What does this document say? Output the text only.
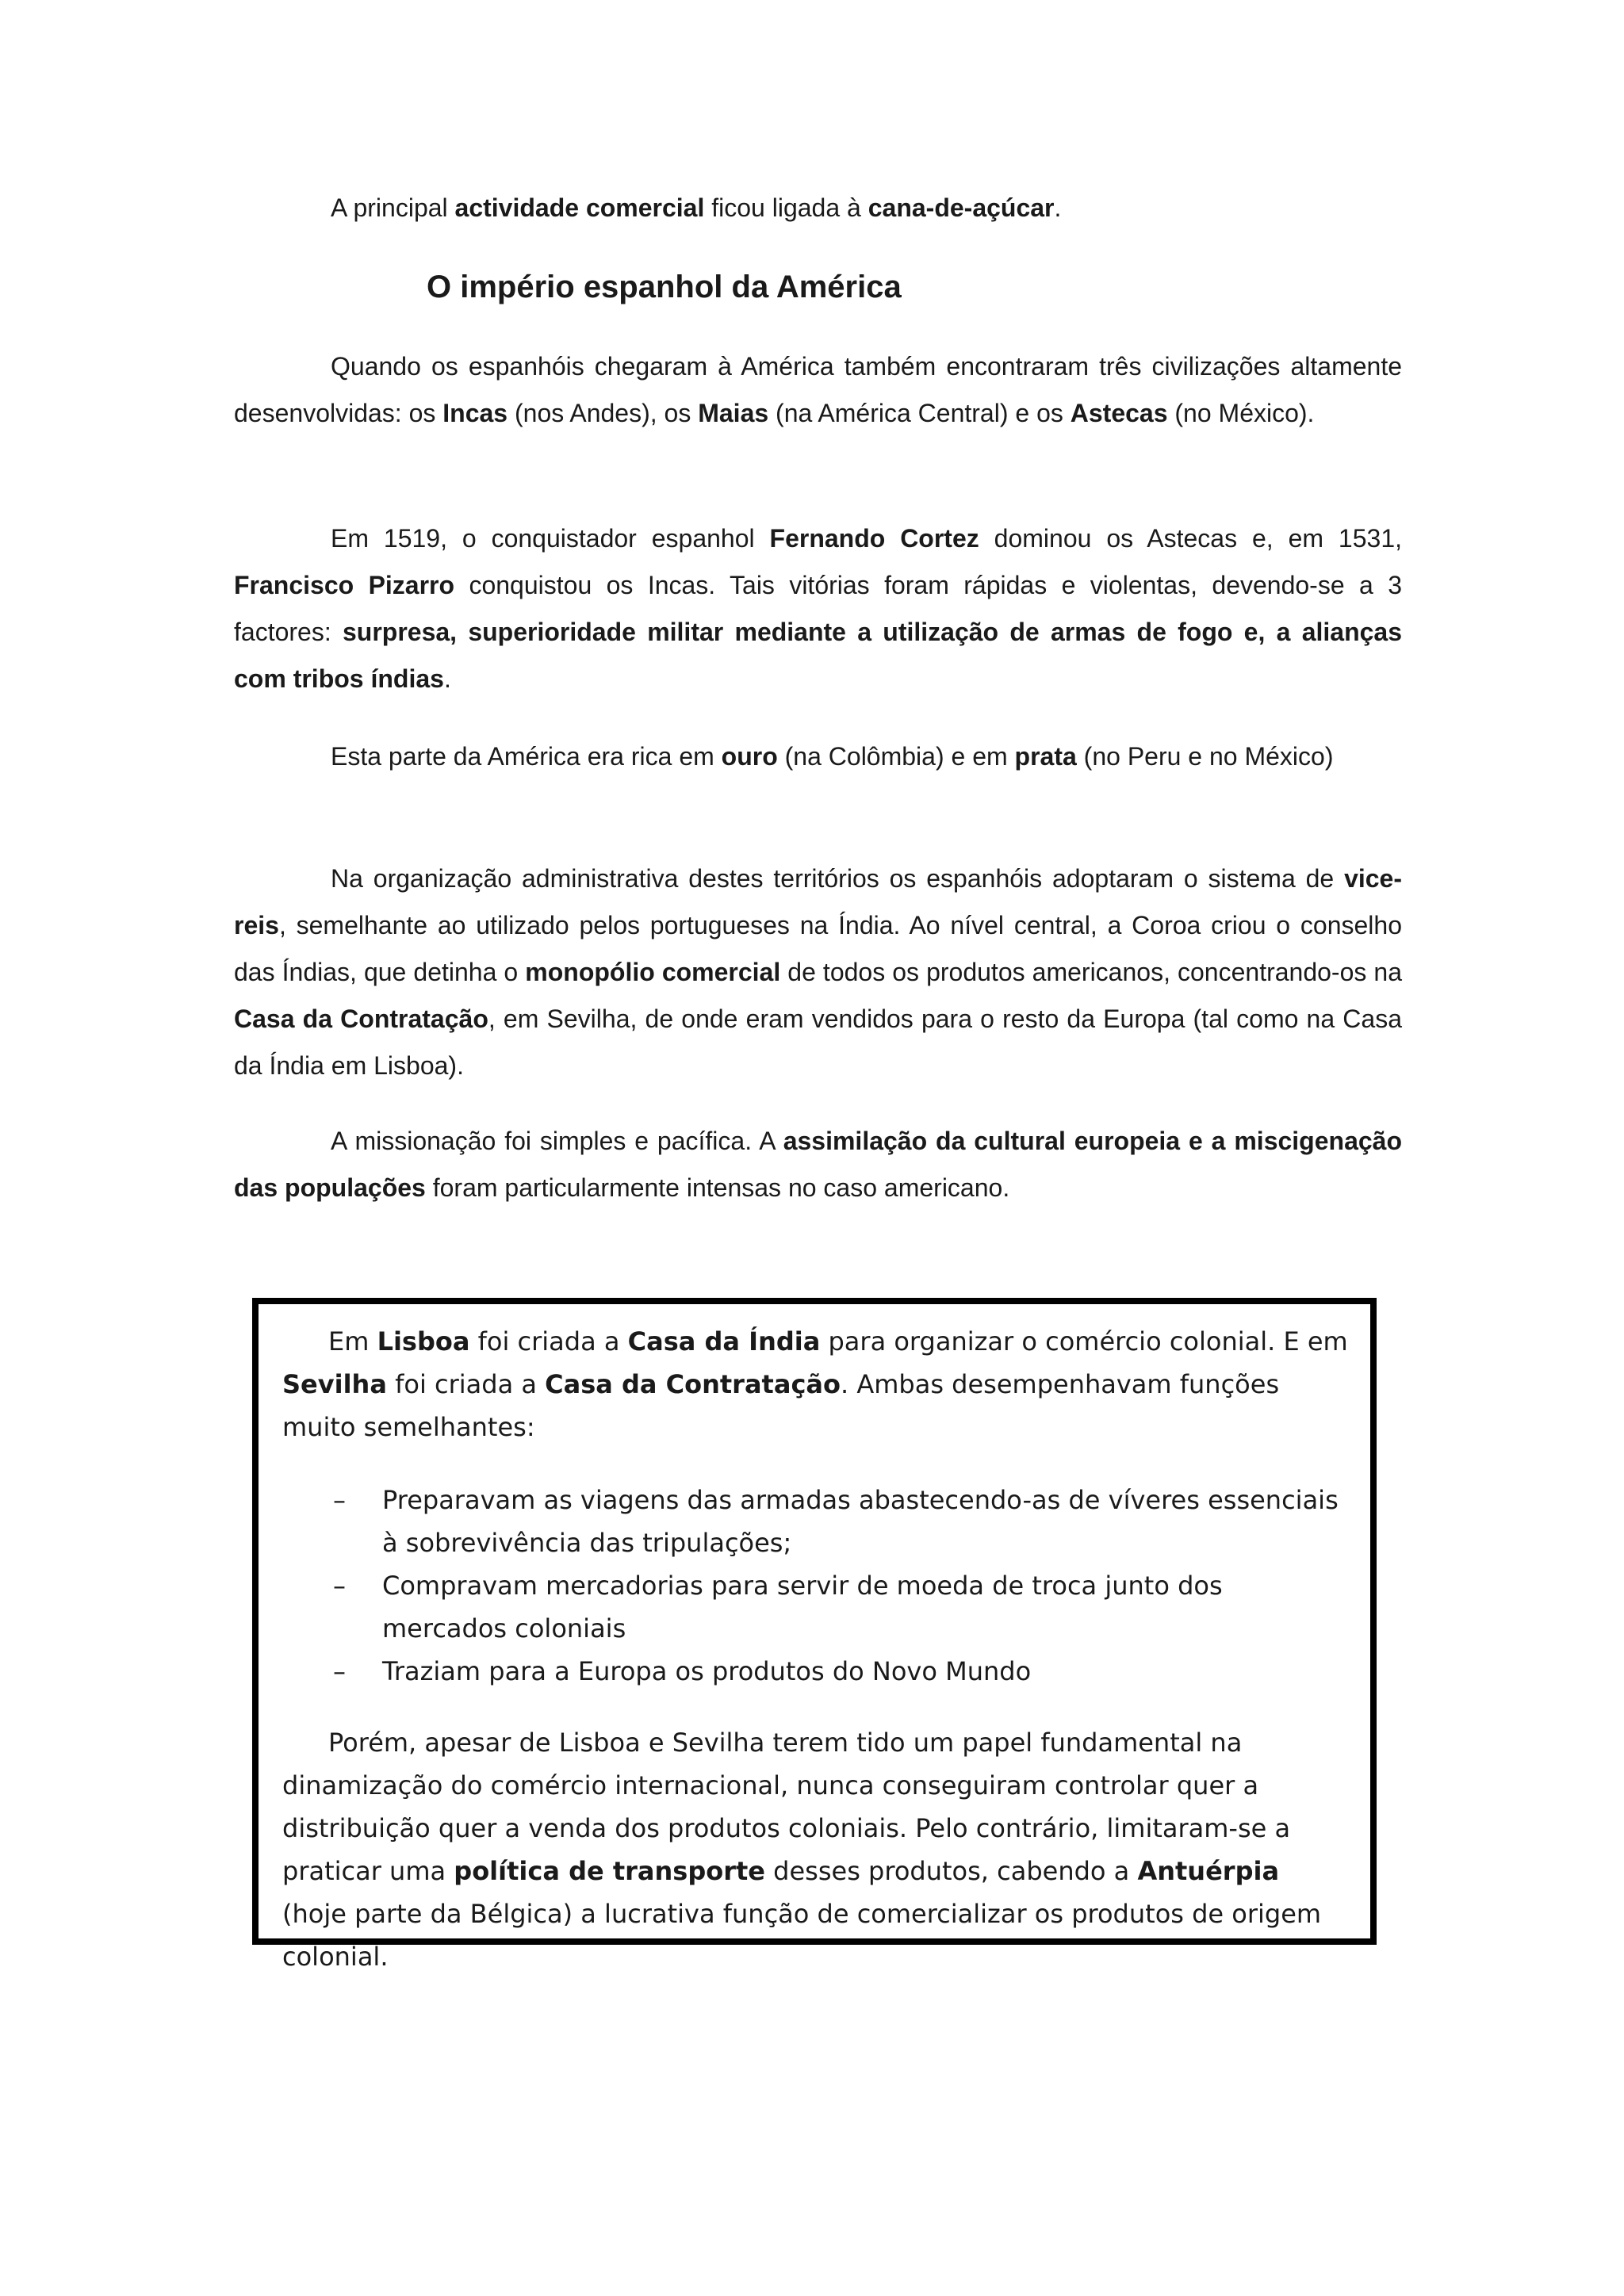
A principal actividade comercial ficou ligada à cana-de-açúcar.

O império espanhol da América

Quando os espanhóis chegaram à América também encontraram três civilizações altamente desenvolvidas: os Incas (nos Andes), os Maias (na América Central) e os Astecas (no México).

Em 1519, o conquistador espanhol Fernando Cortez dominou os Astecas e, em 1531, Francisco Pizarro conquistou os Incas. Tais vitórias foram rápidas e violentas, devendo-se a 3 factores: surpresa, superioridade militar mediante a utilização de armas de fogo e, a alianças com tribos índias.

Esta parte da América era rica em ouro (na Colômbia) e em prata (no Peru e no México)

Na organização administrativa destes territórios os espanhóis adoptaram o sistema de vice-reis, semelhante ao utilizado pelos portugueses na Índia. Ao nível central, a Coroa criou o conselho das Índias, que detinha o monopólio comercial de todos os produtos americanos, concentrando-os na Casa da Contratação, em Sevilha, de onde eram vendidos para o resto da Europa (tal como na Casa da Índia em Lisboa).

A missionação foi simples e pacífica. A assimilação da cultural europeia e a miscigenação das populações foram particularmente intensas no caso americano.

Em Lisboa foi criada a Casa da Índia para organizar o comércio colonial. E em Sevilha foi criada a Casa da Contratação. Ambas desempenhavam funções muito semelhantes:

– Preparavam as viagens das armadas abastecendo-as de víveres essenciais à sobrevivência das tripulações;
– Compravam mercadorias para servir de moeda de troca junto dos mercados coloniais
– Traziam para a Europa os produtos do Novo Mundo

Porém, apesar de Lisboa e Sevilha terem tido um papel fundamental na dinamização do comércio internacional, nunca conseguiram controlar quer a distribuição quer a venda dos produtos coloniais. Pelo contrário, limitaram-se a praticar uma política de transporte desses produtos, cabendo a Antuérpia (hoje parte da Bélgica) a lucrativa função de comercializar os produtos de origem colonial.
